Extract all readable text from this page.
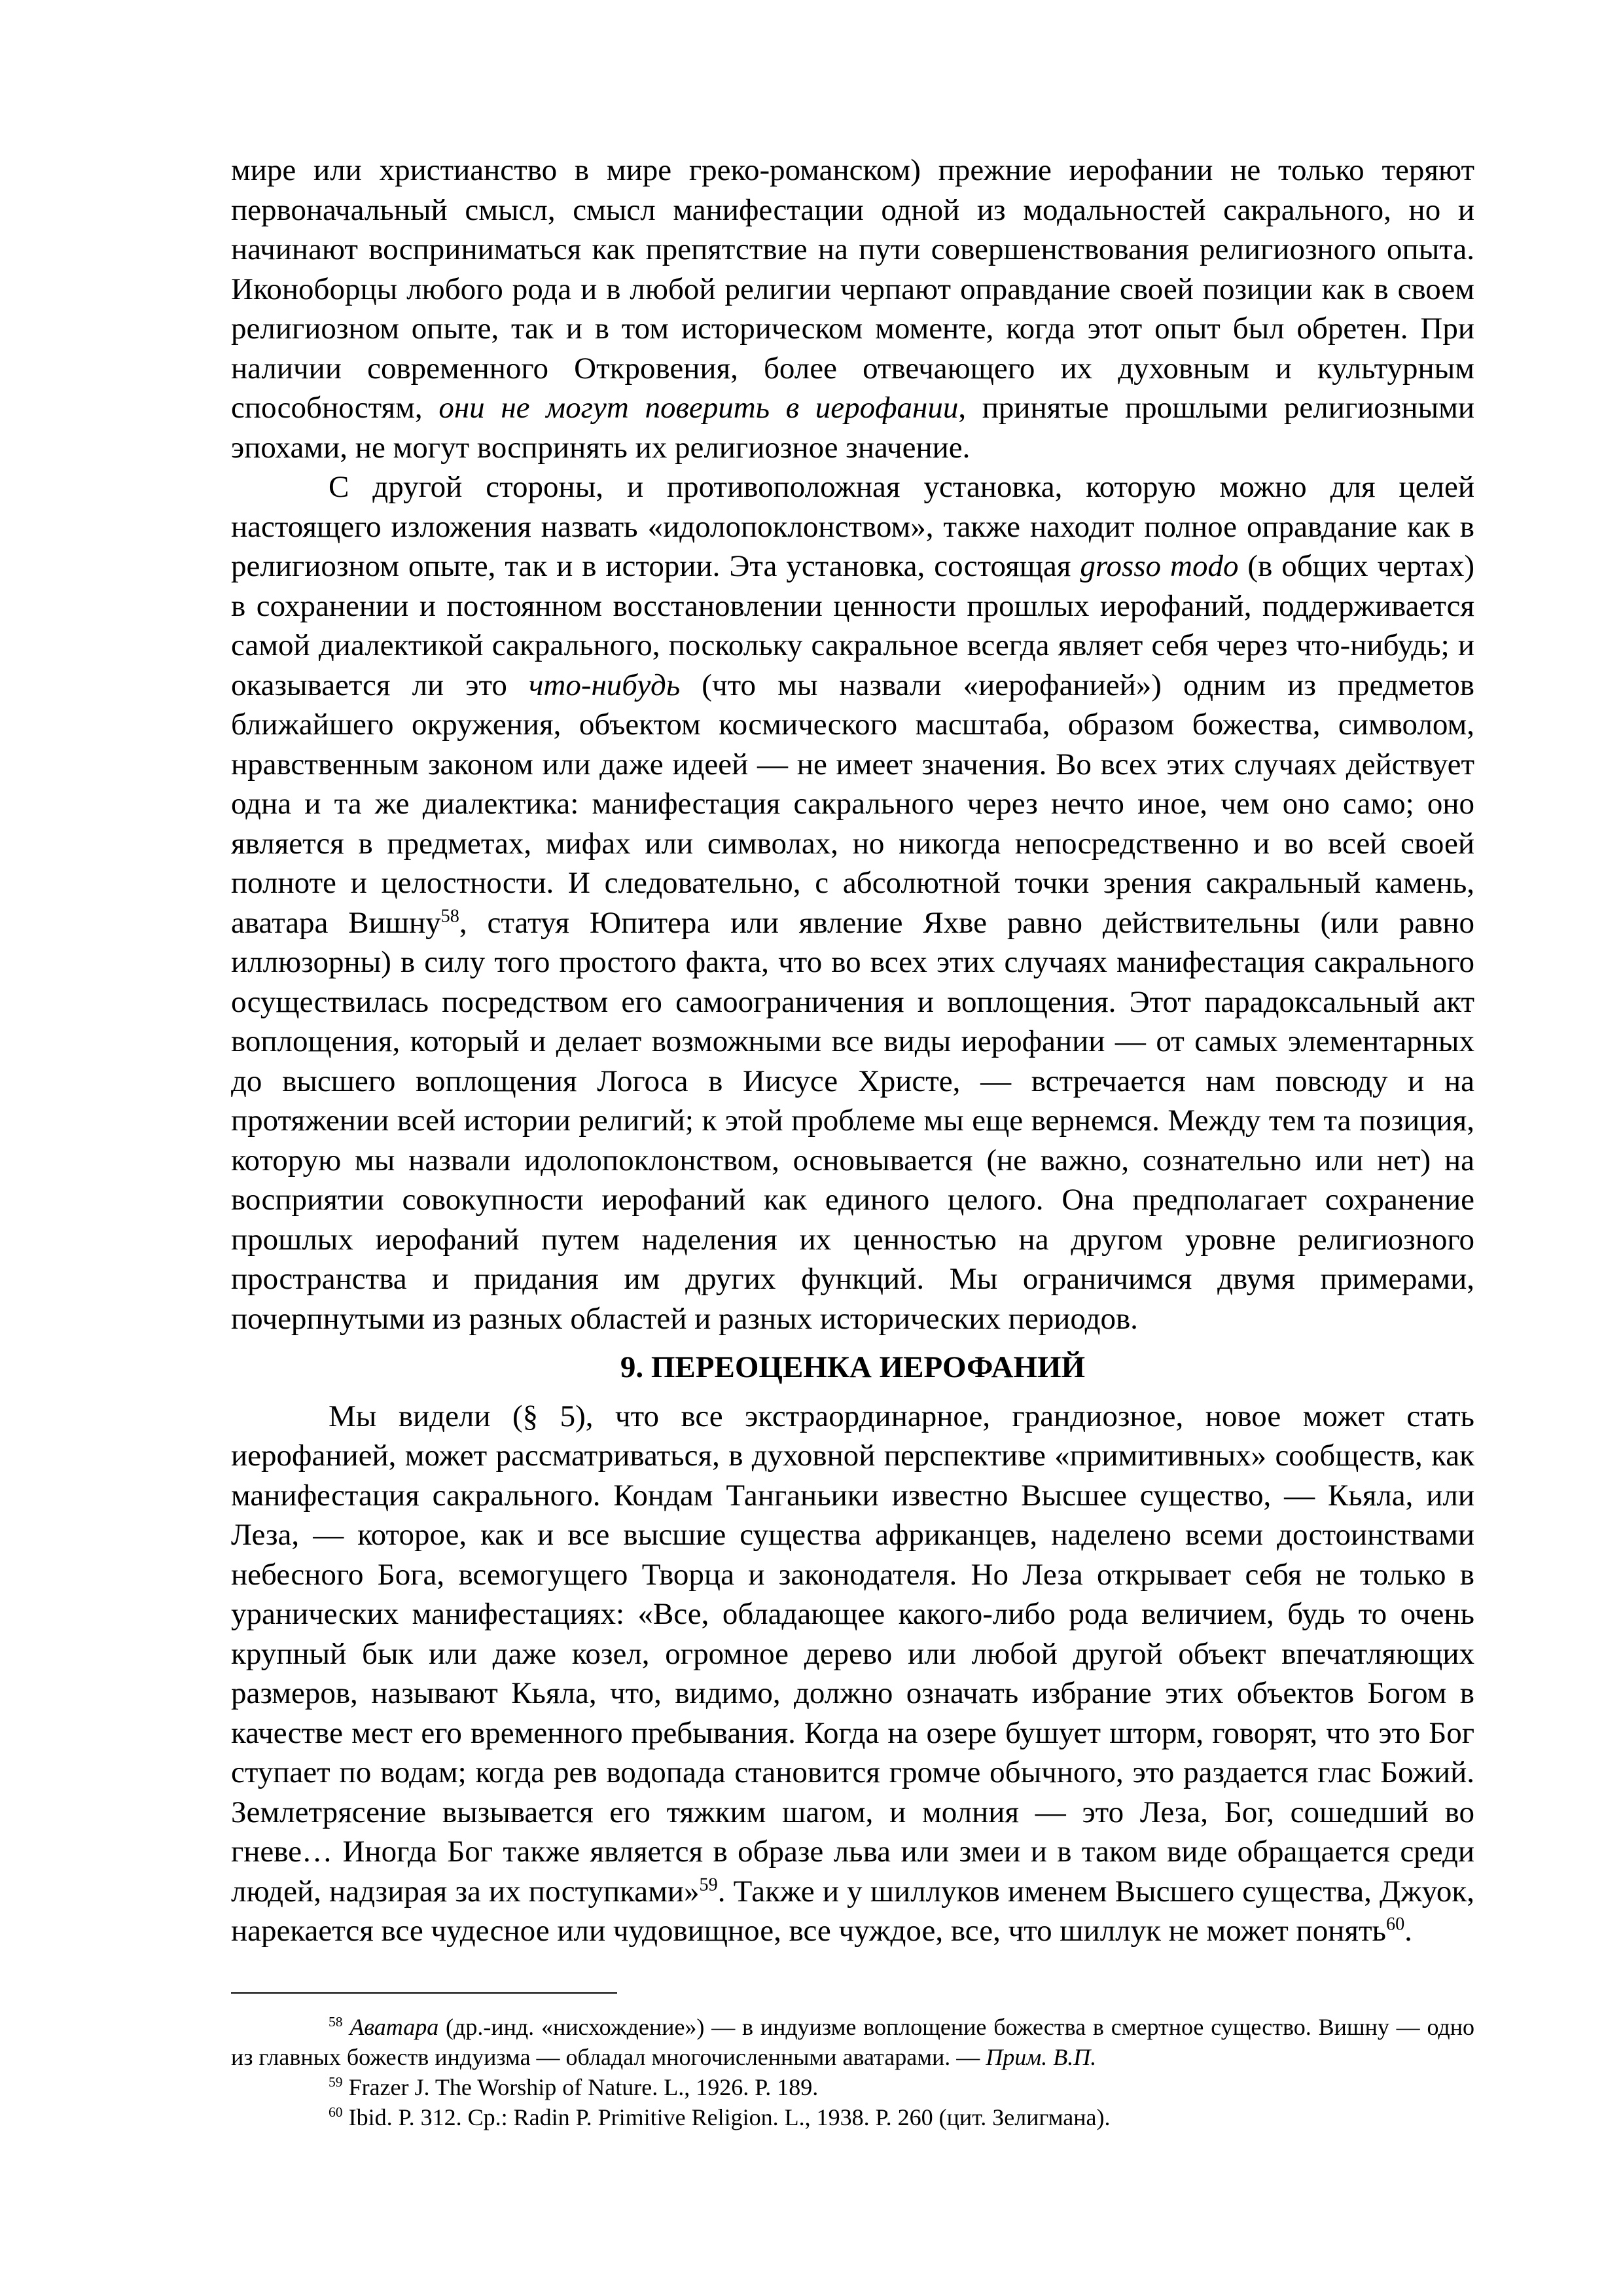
мире или христианство в мире греко-романском) прежние иерофании не только теряют первоначальный смысл, смысл манифестации одной из модальностей сакрального, но и начинают восприниматься как препятствие на пути совершенствования религиозного опыта. Иконоборцы любого рода и в любой религии черпают оправдание своей позиции как в своем религиозном опыте, так и в том историческом моменте, когда этот опыт был обретен. При наличии современного Откровения, более отвечающего их духовным и культурным способностям, они не могут поверить в иерофании, принятые прошлыми религиозными эпохами, не могут воспринять их религиозное значение.

С другой стороны, и противоположная установка, которую можно для целей настоящего изложения назвать «идолопоклонством», также находит полное оправдание как в религиозном опыте, так и в истории. Эта установка, состоящая grosso modo (в общих чертах) в сохранении и постоянном восстановлении ценности прошлых иерофаний, поддерживается самой диалектикой сакрального, поскольку сакральное всегда являет себя через что-нибудь; и оказывается ли это что-нибудь (что мы назвали «иерофанией») одним из предметов ближайшего окружения, объектом космического масштаба, образом божества, символом, нравственным законом или даже идеей — не имеет значения. Во всех этих случаях действует одна и та же диалектика: манифестация сакрального через нечто иное, чем оно само; оно является в предметах, мифах или символах, но никогда непосредственно и во всей своей полноте и целостности. И следовательно, с абсолютной точки зрения сакральный камень, аватара Вишну$^{58}$, статуя Юпитера или явление Яхве равно действительны (или равно иллюзорны) в силу того простого факта, что во всех этих случаях манифестация сакрального осуществилась посредством его самоограничения и воплощения. Этот парадоксальный акт воплощения, который и делает возможными все виды иерофании — от самых элементарных до высшего воплощения Логоса в Иисусе Христе, — встречается нам повсюду и на протяжении всей истории религий; к этой проблеме мы еще вернемся. Между тем та позиция, которую мы назвали идолопоклонством, основывается (не важно, сознательно или нет) на восприятии совокупности иерофаний как единого целого. Она предполагает сохранение прошлых иерофаний путем наделения их ценностью на другом уровне религиозного пространства и придания им других функций. Мы ограничимся двумя примерами, почерпнутыми из разных областей и разных исторических периодов.

9. ПЕРЕОЦЕНКА ИЕРОФАНИЙ

Мы видели (§ 5), что все экстраординарное, грандиозное, новое может стать иерофанией, может рассматриваться, в духовной перспективе «примитивных» сообществ, как манифестация сакрального. Кондам Танганьики известно Высшее существо, — Кьяла, или Леза, — которое, как и все высшие существа африканцев, наделено всеми достоинствами небесного Бога, всемогущего Творца и законодателя. Но Леза открывает себя не только в уранических манифестациях: «Все, обладающее какого-либо рода величием, будь то очень крупный бык или даже козел, огромное дерево или любой другой объект впечатляющих размеров, называют Кьяла, что, видимо, должно означать избрание этих объектов Богом в качестве мест его временного пребывания. Когда на озере бушует шторм, говорят, что это Бог ступает по водам; когда рев водопада становится громче обычного, это раздается глас Божий. Землетрясение вызывается его тяжким шагом, и молния — это Леза, Бог, сошедший во гневе… Иногда Бог также является в образе льва или змеи и в таком виде обращается среди людей, надзирая за их поступками»$^{59}$. Также и у шиллуков именем Высшего существа, Джуок, нарекается все чудесное или чудовищное, все чуждое, все, что шиллук не может понять$^{60}$.

$^{58}$ Аватара (др.-инд. «нисхождение») — в индуизме воплощение божества в смертное существо. Вишну — одно из главных божеств индуизма — обладал многочисленными аватарами. — Прим. В.П.

$^{59}$ Frazer J. The Worship of Nature. L., 1926. P. 189.

$^{60}$ Ibid. P. 312. Ср.: Radin P. Primitive Religion. L., 1938. P. 260 (цит. Зелигмана).
